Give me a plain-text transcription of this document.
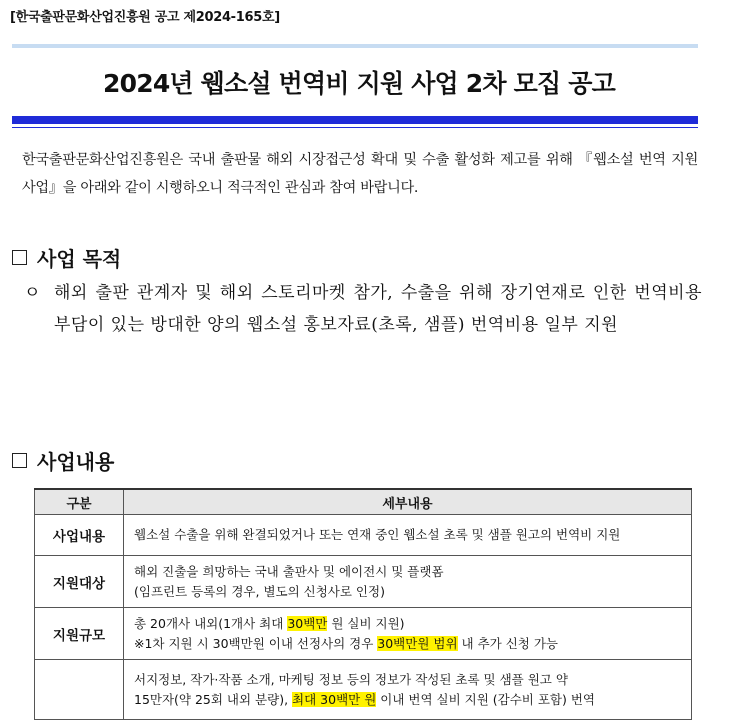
[한국출판문화산업진흥원 공고 제2024-165호]
2024년 웹소설 번역비 지원 사업 2차 모집 공고
한국출판문화산업진흥원은 국내 출판물 해외 시장접근성 확대 및 수출 활성화 제고를 위해 『웹소설 번역 지원 사업』을 아래와 같이 시행하오니 적극적인 관심과 참여 바랍니다.
사업 목적
ㅇ 해외 출판 관계자 및 해외 스토리마켓 참가, 수출을 위해 장기연재로 인한 번역비용 부담이 있는 방대한 양의 웹소설 홍보자료(초록, 샘플) 번역비용 일부 지원
사업내용
구분	세부내용
사업내용	웹소설 수출을 위해 완결되었거나 또는 연재 중인 웹소설 초록 및 샘플 원고의 번역비 지원
지원대상	해외 진출을 희망하는 국내 출판사 및 에이전시 및 플랫폼
(임프린트 등록의 경우, 별도의 신청사로 인정)

지원규모	총 20개사 내외(1개사 최대 30백만 원 실비 지원)
※1차 지원 시 30백만원 이내 선정사의 경우 30백만원 범위 내 추가 신청 가능

	서지정보, 작가·작품 소개, 마케팅 정보 등의 정보가 작성된 초록 및 샘플 원고 약
15만자(약 25회 내외 분량), 최대 30백만 원 이내 번역 실비 지원 (감수비 포함) 번역
